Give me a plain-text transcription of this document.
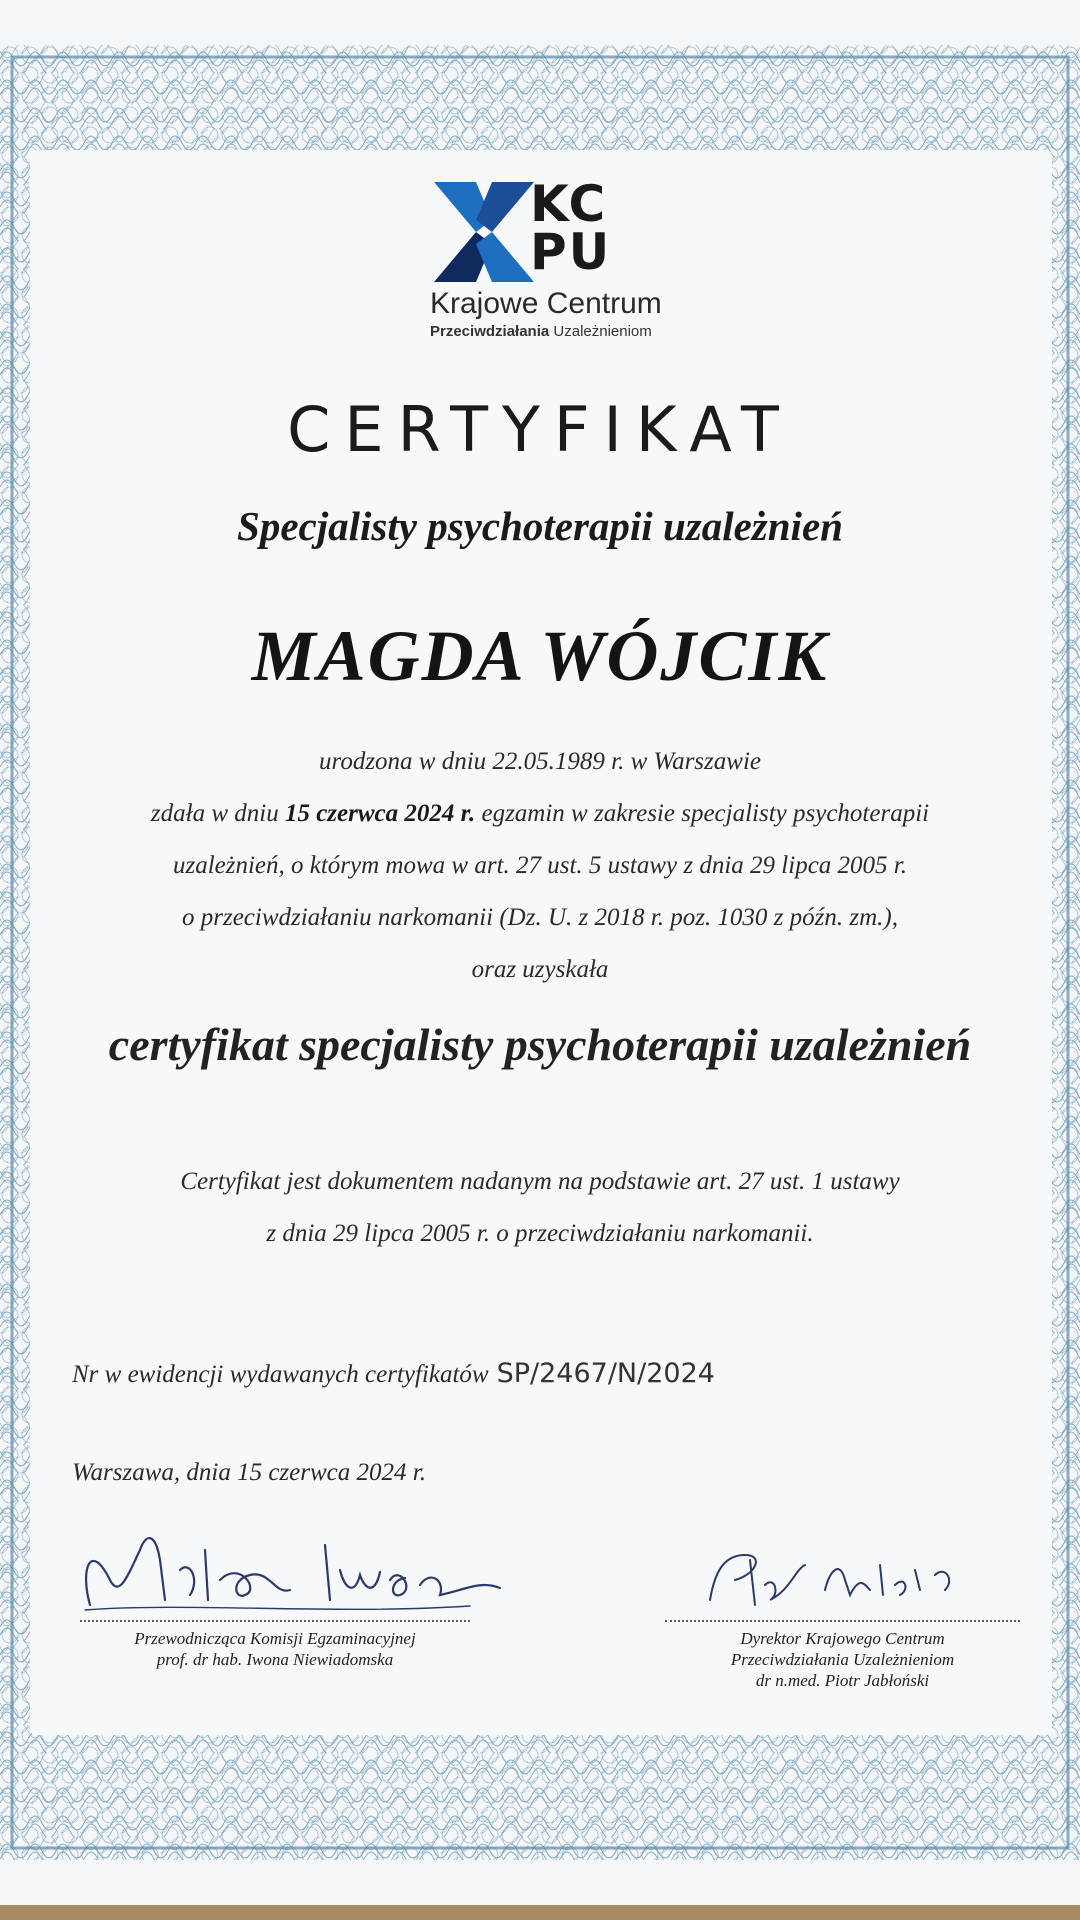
KC
PU
Krajowe Centrum
Przeciwdziałania Uzależnieniom
CERTYFIKAT
Specjalisty psychoterapii uzależnień
MAGDA WÓJCIK
urodzona w dniu 22.05.1989 r. w Warszawie
zdała w dniu 15 czerwca 2024 r. egzamin w zakresie specjalisty psychoterapii
uzależnień, o którym mowa w art. 27 ust. 5 ustawy z dnia 29 lipca 2005 r.
o przeciwdziałaniu narkomanii (Dz. U. z 2018 r. poz. 1030 z późn. zm.),
oraz uzyskała
certyfikat specjalisty psychoterapii uzależnień
Certyfikat jest dokumentem nadanym na podstawie art. 27 ust. 1 ustawy
z dnia 29 lipca 2005 r. o przeciwdziałaniu narkomanii.
Nr w ewidencji wydawanych certyfikatów SP/2467/N/2024
Warszawa, dnia 15 czerwca 2024 r.
Przewodnicząca Komisji Egzaminacyjnej
prof. dr hab. Iwona Niewiadomska
Dyrektor Krajowego Centrum
Przeciwdziałania Uzależnieniom
dr n.med. Piotr Jabłoński
